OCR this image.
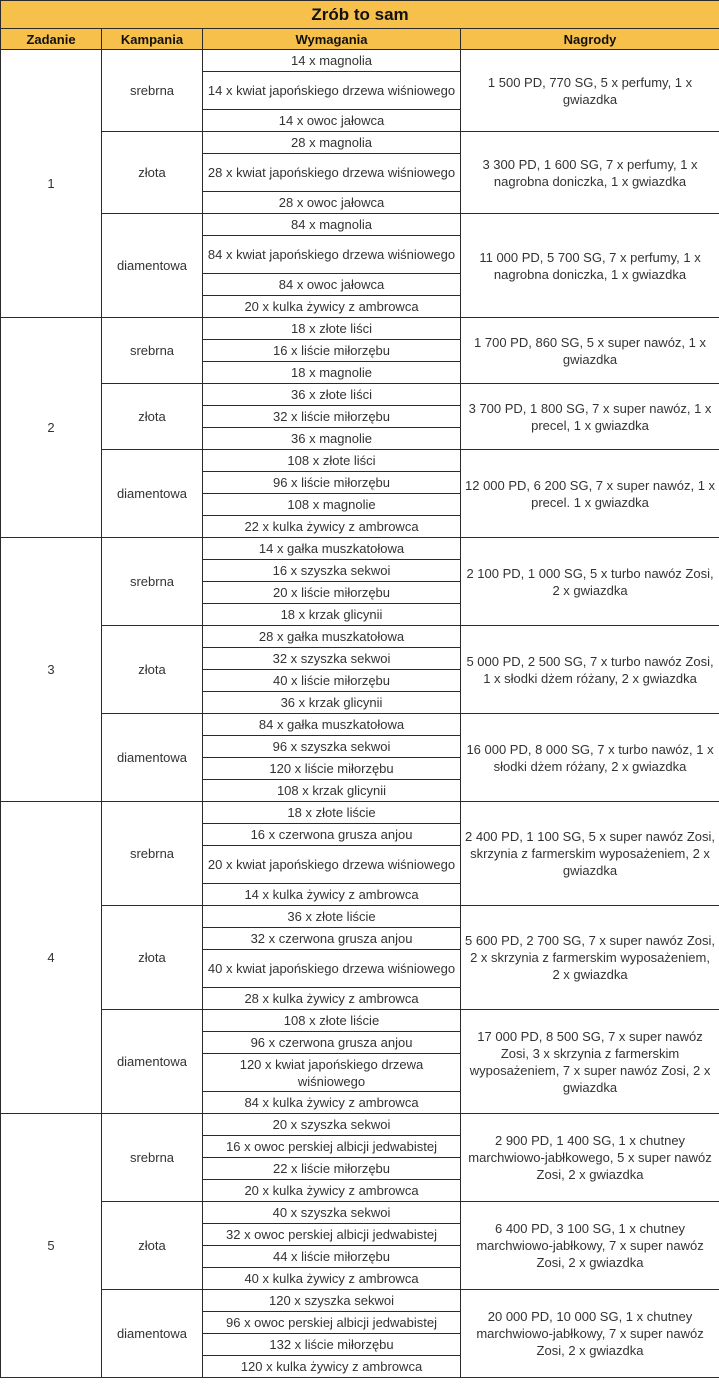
Zrób to sam			
Zadanie	Kampania	Wymagania	Nagrody
1	srebrna	14 x magnolia	1 500 PD, 770 SG, 5 x perfumy, 1 x gwiazdka
		14 x kwiat japońskiego drzewa wiśniowego	
		14 x owoc jałowca	
	złota	28 x magnolia	3 300 PD, 1 600 SG, 7 x perfumy, 1 x nagrobna doniczka, 1 x gwiazdka
		28 x kwiat japońskiego drzewa wiśniowego	
		28 x owoc jałowca	
	diamentowa	84 x magnolia	11 000 PD, 5 700 SG, 7 x perfumy, 1 x nagrobna doniczka, 1 x gwiazdka
		84 x kwiat japońskiego drzewa wiśniowego	
		84 x owoc jałowca	
		20 x kulka żywicy z ambrowca	
2	srebrna	18 x złote liści	1 700 PD, 860 SG, 5 x super nawóz, 1 x gwiazdka
		16 x liście miłorzębu	
		18 x magnolie	
	złota	36 x złote liści	3 700 PD, 1 800 SG, 7 x super nawóz, 1 x precel, 1 x gwiazdka
		32 x liście miłorzębu	
		36 x magnolie	
	diamentowa	108 x złote liści	12 000 PD, 6 200 SG, 7 x super nawóz, 1 x precel. 1 x gwiazdka
		96 x liście miłorzębu	
		108 x magnolie	
		22 x kulka żywicy z ambrowca	
3	srebrna	14 x gałka muszkatołowa	2 100 PD, 1 000 SG, 5 x turbo nawóz Zosi, 2 x gwiazdka
		16 x szyszka sekwoi	
		20 x liście miłorzębu	
		18 x krzak glicynii	
	złota	28 x gałka muszkatołowa	5 000 PD, 2 500 SG, 7 x turbo nawóz Zosi, 1 x słodki dżem różany, 2 x gwiazdka
		32 x szyszka sekwoi	
		40 x liście miłorzębu	
		36 x krzak glicynii	
	diamentowa	84 x gałka muszkatołowa	16 000 PD, 8 000 SG, 7 x turbo nawóz, 1 x słodki dżem różany, 2 x gwiazdka
		96 x szyszka sekwoi	
		120 x liście miłorzębu	
		108 x krzak glicynii	
4	srebrna	18 x złote liście	2 400 PD, 1 100 SG, 5 x super nawóz Zosi, skrzynia z farmerskim wyposażeniem, 2 x gwiazdka
		16 x czerwona grusza anjou	
		20 x kwiat japońskiego drzewa wiśniowego	
		14 x kulka żywicy z ambrowca	
	złota	36 x złote liście	5 600 PD, 2 700 SG, 7 x super nawóz Zosi, 2 x skrzynia z farmerskim wyposażeniem, 2 x gwiazdka
		32 x czerwona grusza anjou	
		40 x kwiat japońskiego drzewa wiśniowego	
		28 x kulka żywicy z ambrowca	
	diamentowa	108 x złote liście	17 000 PD, 8 500 SG, 7 x super nawóz Zosi, 3 x skrzynia z farmerskim wyposażeniem, 7 x super nawóz Zosi, 2 x gwiazdka
		96 x czerwona grusza anjou	
		120 x kwiat japońskiego drzewa wiśniowego	
		84 x kulka żywicy z ambrowca	
5	srebrna	20 x szyszka sekwoi	2 900 PD, 1 400 SG, 1 x chutney marchwiowo-jabłkowego, 5 x super nawóz Zosi, 2 x gwiazdka
		16 x owoc perskiej albicji jedwabistej	
		22 x liście miłorzębu	
		20 x kulka żywicy z ambrowca	
	złota	40 x szyszka sekwoi	6 400 PD, 3 100 SG, 1 x chutney marchwiowo-jabłkowy, 7 x super nawóz Zosi, 2 x gwiazdka
		32 x owoc perskiej albicji jedwabistej	
		44 x liście miłorzębu	
		40 x kulka żywicy z ambrowca	
	diamentowa	120 x szyszka sekwoi	20 000 PD, 10 000 SG, 1 x chutney marchwiowo-jabłkowy, 7 x super nawóz Zosi, 2 x gwiazdka
		96 x owoc perskiej albicji jedwabistej	
		132 x liście miłorzębu	
		120 x kulka żywicy z ambrowca	
